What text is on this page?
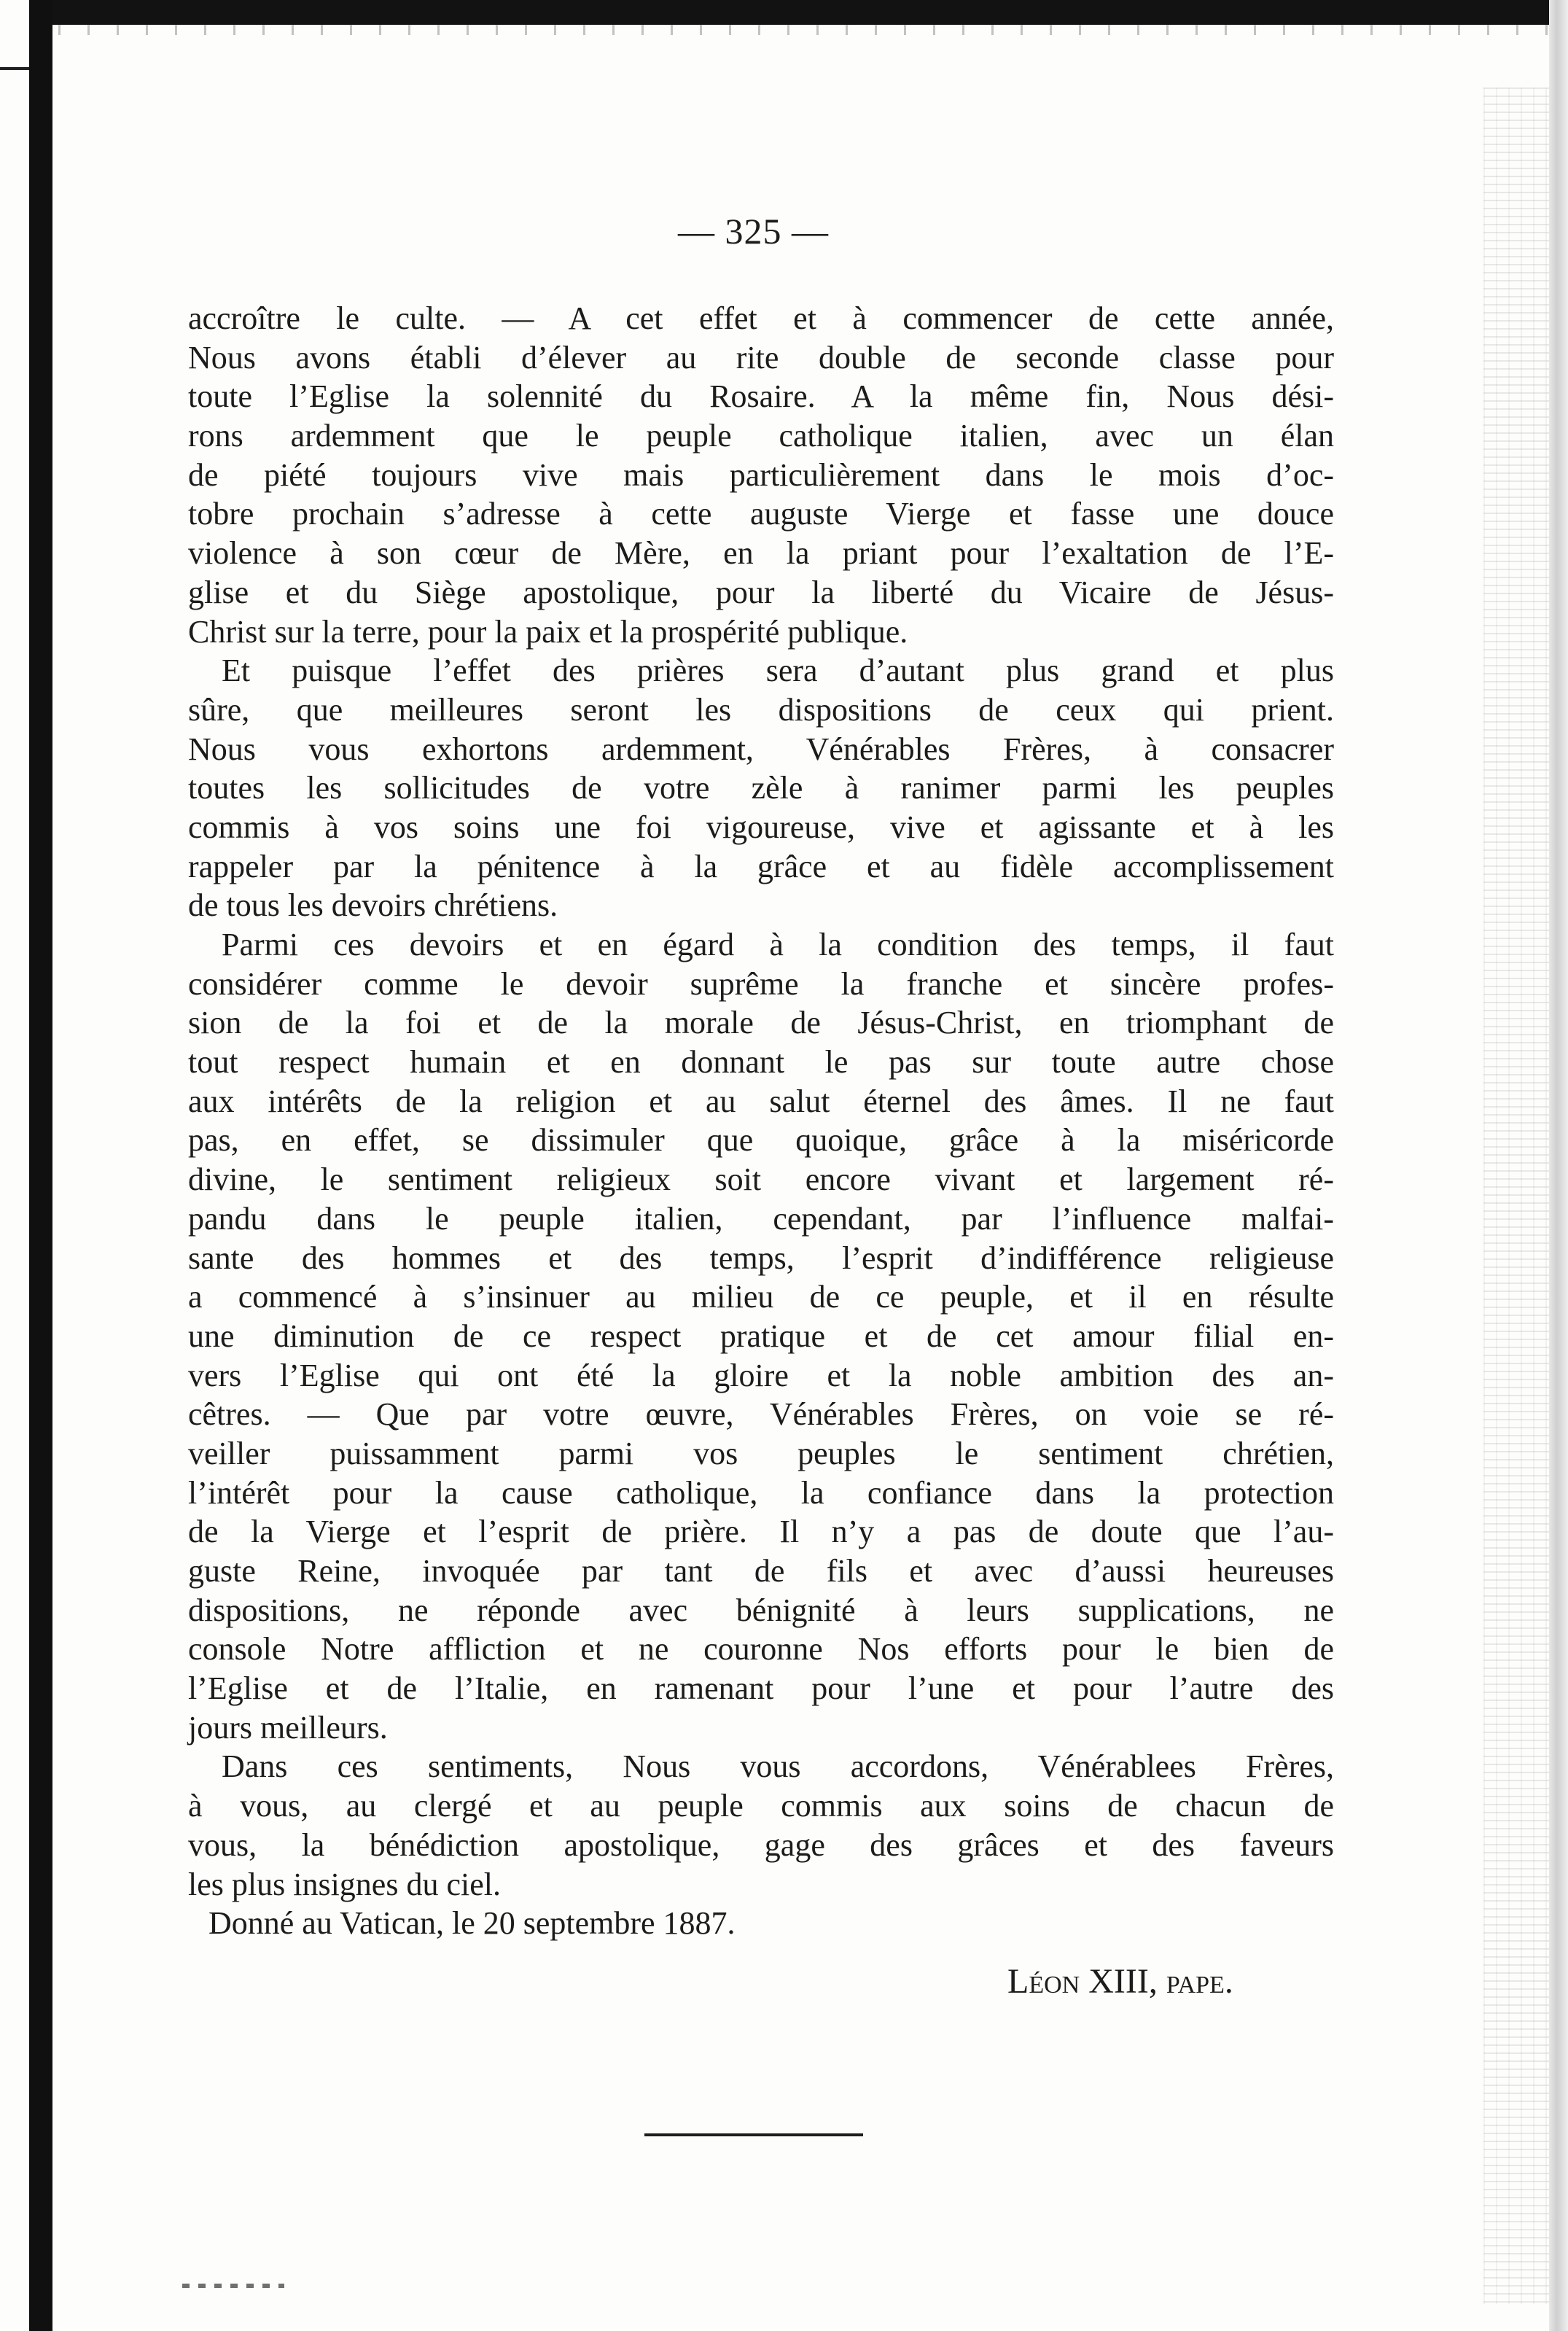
— 325 —
accroître le culte. — A cet effet et à commencer de cette année,
Nous avons établi d’élever au rite double de seconde classe pour
toute l’Eglise la solennité du Rosaire. A la même fin, Nous dési-
rons ardemment que le peuple catholique italien, avec un élan
de piété toujours vive mais particulièrement dans le mois d’oc-
tobre prochain s’adresse à cette auguste Vierge et fasse une douce
violence à son cœur de Mère, en la priant pour l’exaltation de l’E-
glise et du Siège apostolique, pour la liberté du Vicaire de Jésus-
Christ sur la terre, pour la paix et la prospérité publique.
Et puisque l’effet des prières sera d’autant plus grand et plus
sûre, que meilleures seront les dispositions de ceux qui prient.
Nous vous exhortons ardemment, Vénérables Frères, à consacrer
toutes les sollicitudes de votre zèle à ranimer parmi les peuples
commis à vos soins une foi vigoureuse, vive et agissante et à les
rappeler par la pénitence à la grâce et au fidèle accomplissement
de tous les devoirs chrétiens.
Parmi ces devoirs et en égard à la condition des temps, il faut
considérer comme le devoir suprême la franche et sincère profes-
sion de la foi et de la morale de Jésus-Christ, en triomphant de
tout respect humain et en donnant le pas sur toute autre chose
aux intérêts de la religion et au salut éternel des âmes. Il ne faut
pas, en effet, se dissimuler que quoique, grâce à la miséricorde
divine, le sentiment religieux soit encore vivant et largement ré-
pandu dans le peuple italien, cependant, par l’influence malfai-
sante des hommes et des temps, l’esprit d’indifférence religieuse
a commencé à s’insinuer au milieu de ce peuple, et il en résulte
une diminution de ce respect pratique et de cet amour filial en-
vers l’Eglise qui ont été la gloire et la noble ambition des an-
cêtres. — Que par votre œuvre, Vénérables Frères, on voie se ré-
veiller puissamment parmi vos peuples le sentiment chrétien,
l’intérêt pour la cause catholique, la confiance dans la protection
de la Vierge et l’esprit de prière. Il n’y a pas de doute que l’au-
guste Reine, invoquée par tant de fils et avec d’aussi heureuses
dispositions, ne réponde avec bénignité à leurs supplications, ne
console Notre affliction et ne couronne Nos efforts pour le bien de
l’Eglise et de l’Italie, en ramenant pour l’une et pour l’autre des
jours meilleurs.
Dans ces sentiments, Nous vous accordons, Vénérablees Frères,
à vous, au clergé et au peuple commis aux soins de chacun de
vous, la bénédiction apostolique, gage des grâces et des faveurs
les plus insignes du ciel.
Donné au Vatican, le 20 septembre 1887.
Léon XIII, pape.
